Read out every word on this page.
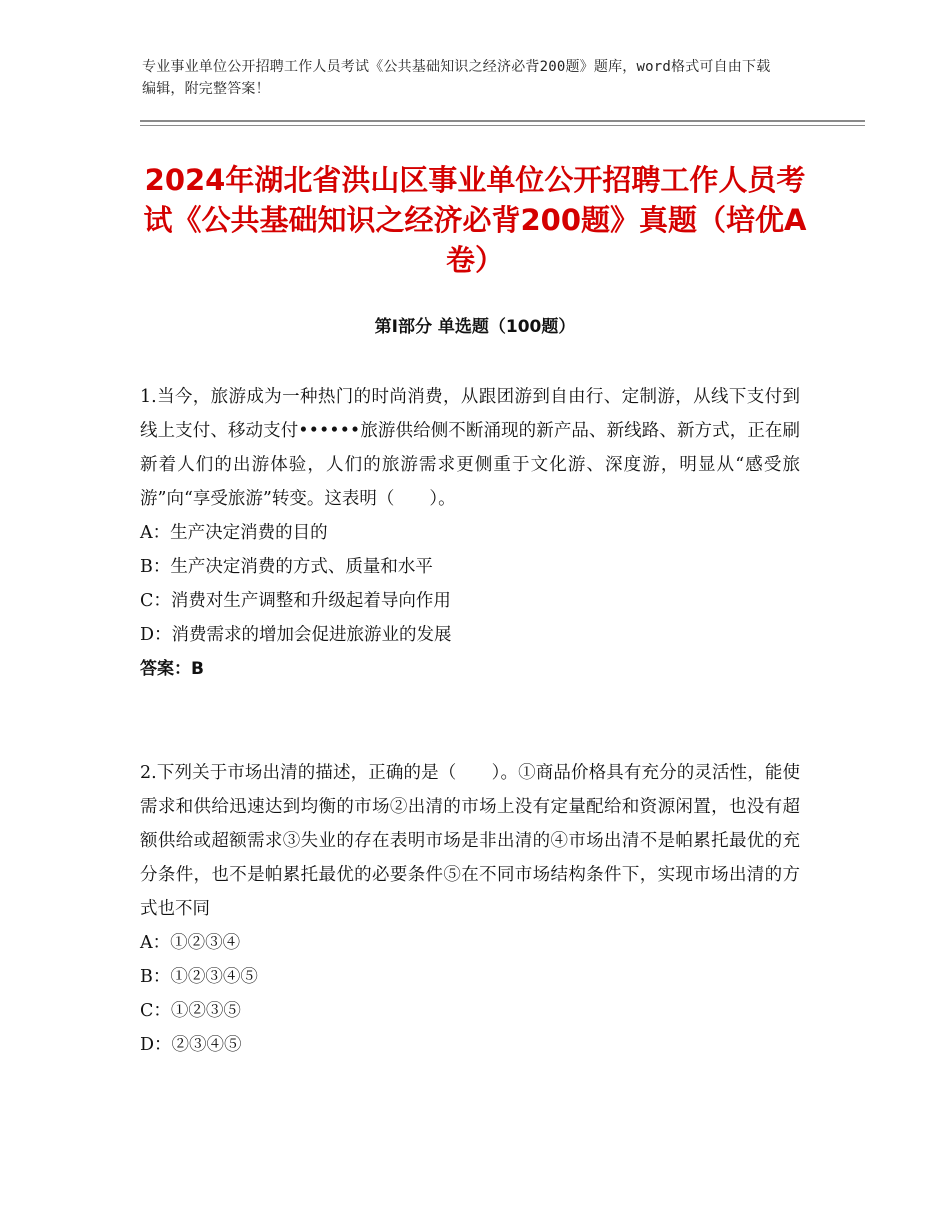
专业事业单位公开招聘工作人员考试《公共基础知识之经济必背200题》题库，word格式可自由下载编辑，附完整答案！
2024年湖北省洪山区事业单位公开招聘工作人员考试《公共基础知识之经济必背200题》真题（培优A卷）
第Ⅰ部分 单选题（100题）

1.当今，旅游成为一种热门的时尚消费，从跟团游到自由行、定制游，从线下支付到线上支付、移动支付••••••旅游供给侧不断涌现的新产品、新线路、新方式，正在刷新着人们的出游体验，人们的旅游需求更侧重于文化游、深度游，明显从“感受旅游”向“享受旅游”转变。这表明（　　）。

A：生产决定消费的目的

B：生产决定消费的方式、质量和水平

C：消费对生产调整和升级起着导向作用

D：消费需求的增加会促进旅游业的发展

答案：B

2.下列关于市场出清的描述，正确的是（　　）。①商品价格具有充分的灵活性，能使需求和供给迅速达到均衡的市场②出清的市场上没有定量配给和资源闲置，也没有超额供给或超额需求③失业的存在表明市场是非出清的④市场出清不是帕累托最优的充分条件，也不是帕累托最优的必要条件⑤在不同市场结构条件下，实现市场出清的方式也不同

A：①②③④

B：①②③④⑤

C：①②③⑤

D：②③④⑤
